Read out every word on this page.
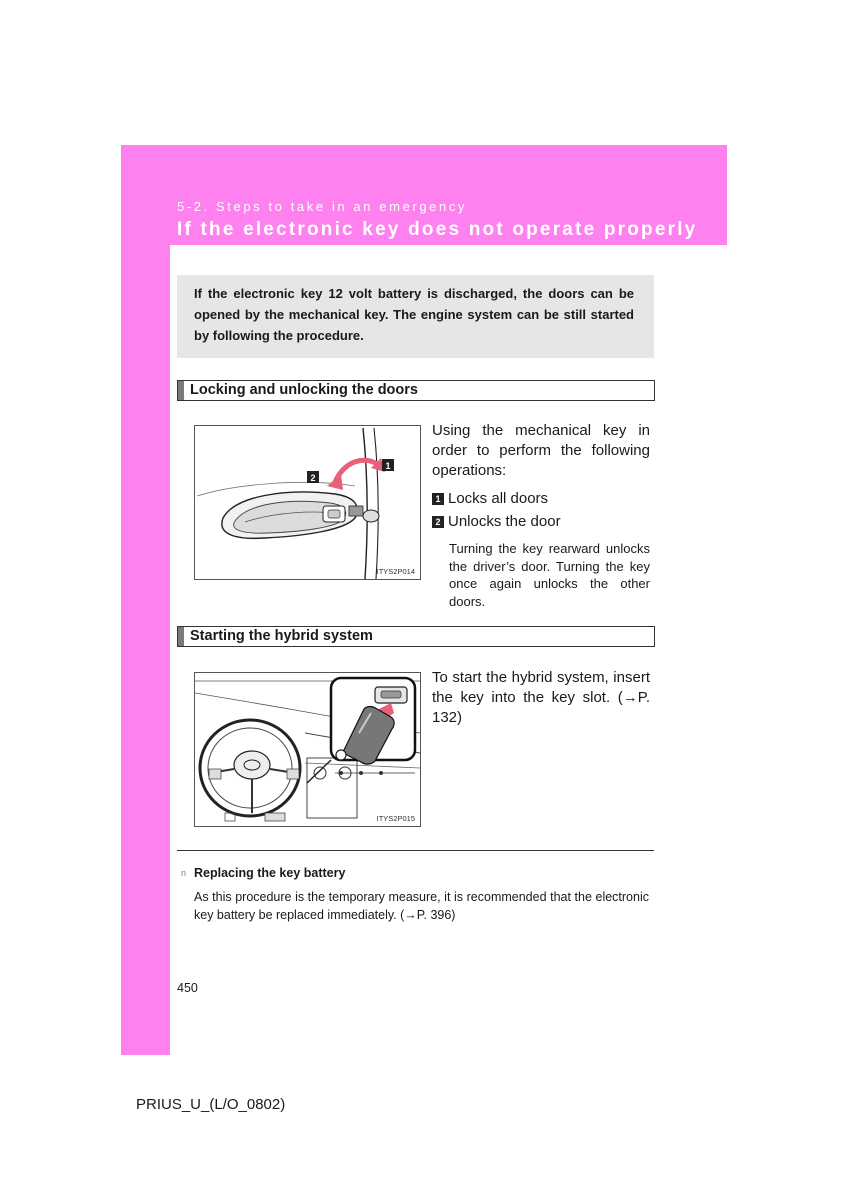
5-2. Steps to take in an emergency
If the electronic key does not operate properly
If the electronic key 12 volt battery is discharged, the doors can be opened by the mechanical key. The engine system can be still started by following the procedure.
Locking and unlocking the doors
2
1
ITYS2P014
Using the mechanical key in order to perform the following operations:
1 Locks all doors
2 Unlocks the door
Turning the key rearward unlocks the driver’s door. Turning the key once again unlocks the other doors.
Starting the hybrid system
ITYS2P015
To start the hybrid system, insert the key into the key slot. (→P. 132)
n Replacing the key battery
As this procedure is the temporary measure, it is recommended that the electronic key battery be replaced immediately. (→P. 396)
450
PRIUS_U_(L/O_0802)
